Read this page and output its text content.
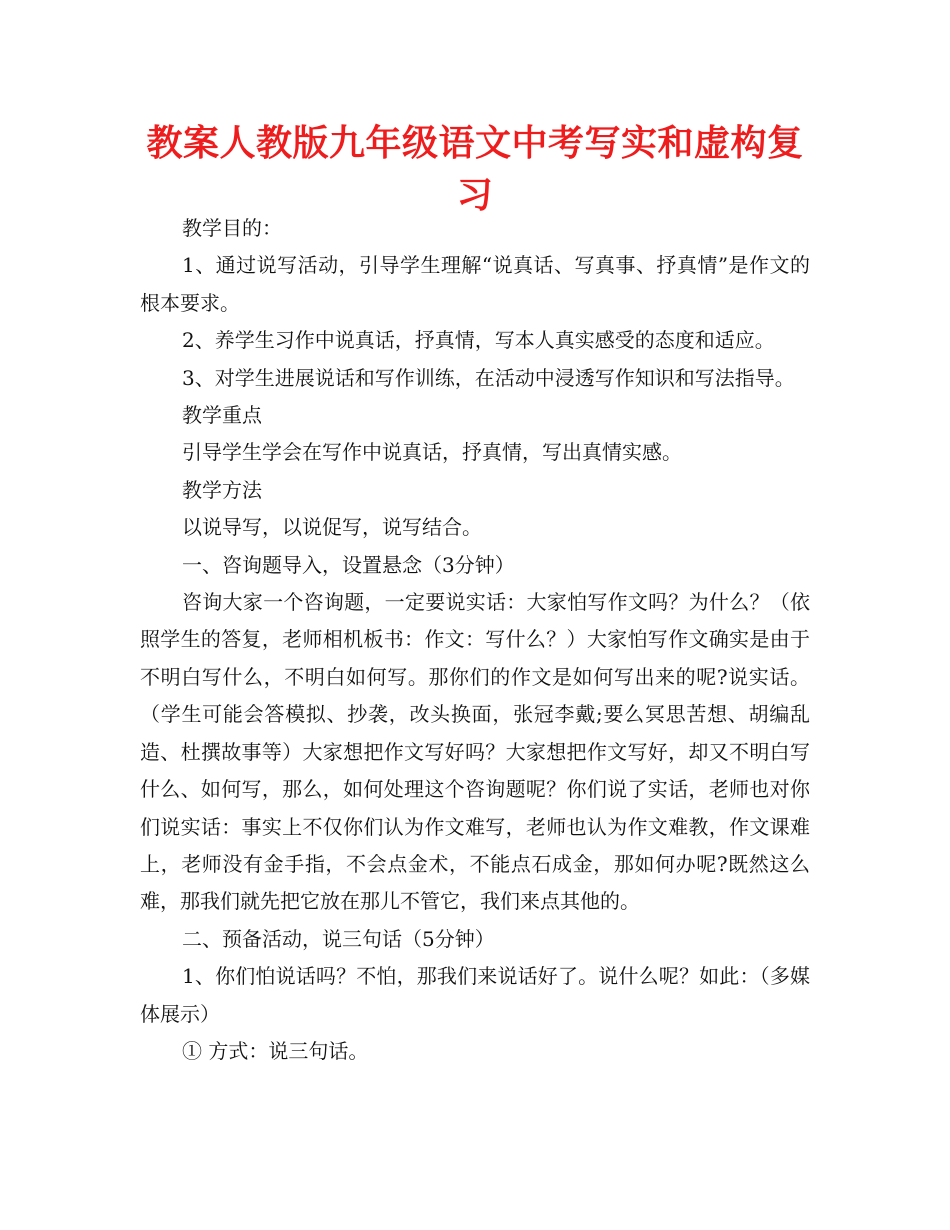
教案人教版九年级语文中考写实和虚构复习

教学目的：

1、通过说写活动，引导学生理解“说真话、写真事、抒真情”是作文的根本要求。

2、养学生习作中说真话，抒真情，写本人真实感受的态度和适应。

3、对学生进展说话和写作训练，在活动中浸透写作知识和写法指导。

教学重点

引导学生学会在写作中说真话，抒真情，写出真情实感。

教学方法

以说导写，以说促写，说写结合。

一、咨询题导入，设置悬念（3分钟）

咨询大家一个咨询题，一定要说实话：大家怕写作文吗？为什么？（依照学生的答复，老师相机板书：作文：写什么？）大家怕写作文确实是由于不明白写什么，不明白如何写。那你们的作文是如何写出来的呢?说实话。（学生可能会答模拟、抄袭，改头换面，张冠李戴;要么冥思苦想、胡编乱造、杜撰故事等）大家想把作文写好吗？大家想把作文写好，却又不明白写什么、如何写，那么，如何处理这个咨询题呢？你们说了实话，老师也对你们说实话：事实上不仅你们认为作文难写，老师也认为作文难教，作文课难上，老师没有金手指，不会点金术，不能点石成金，那如何办呢?既然这么难，那我们就先把它放在那儿不管它，我们来点其他的。

二、预备活动，说三句话（5分钟）

1、你们怕说话吗？不怕，那我们来说话好了。说什么呢？如此：（多媒体展示）

① 方式：说三句话。
